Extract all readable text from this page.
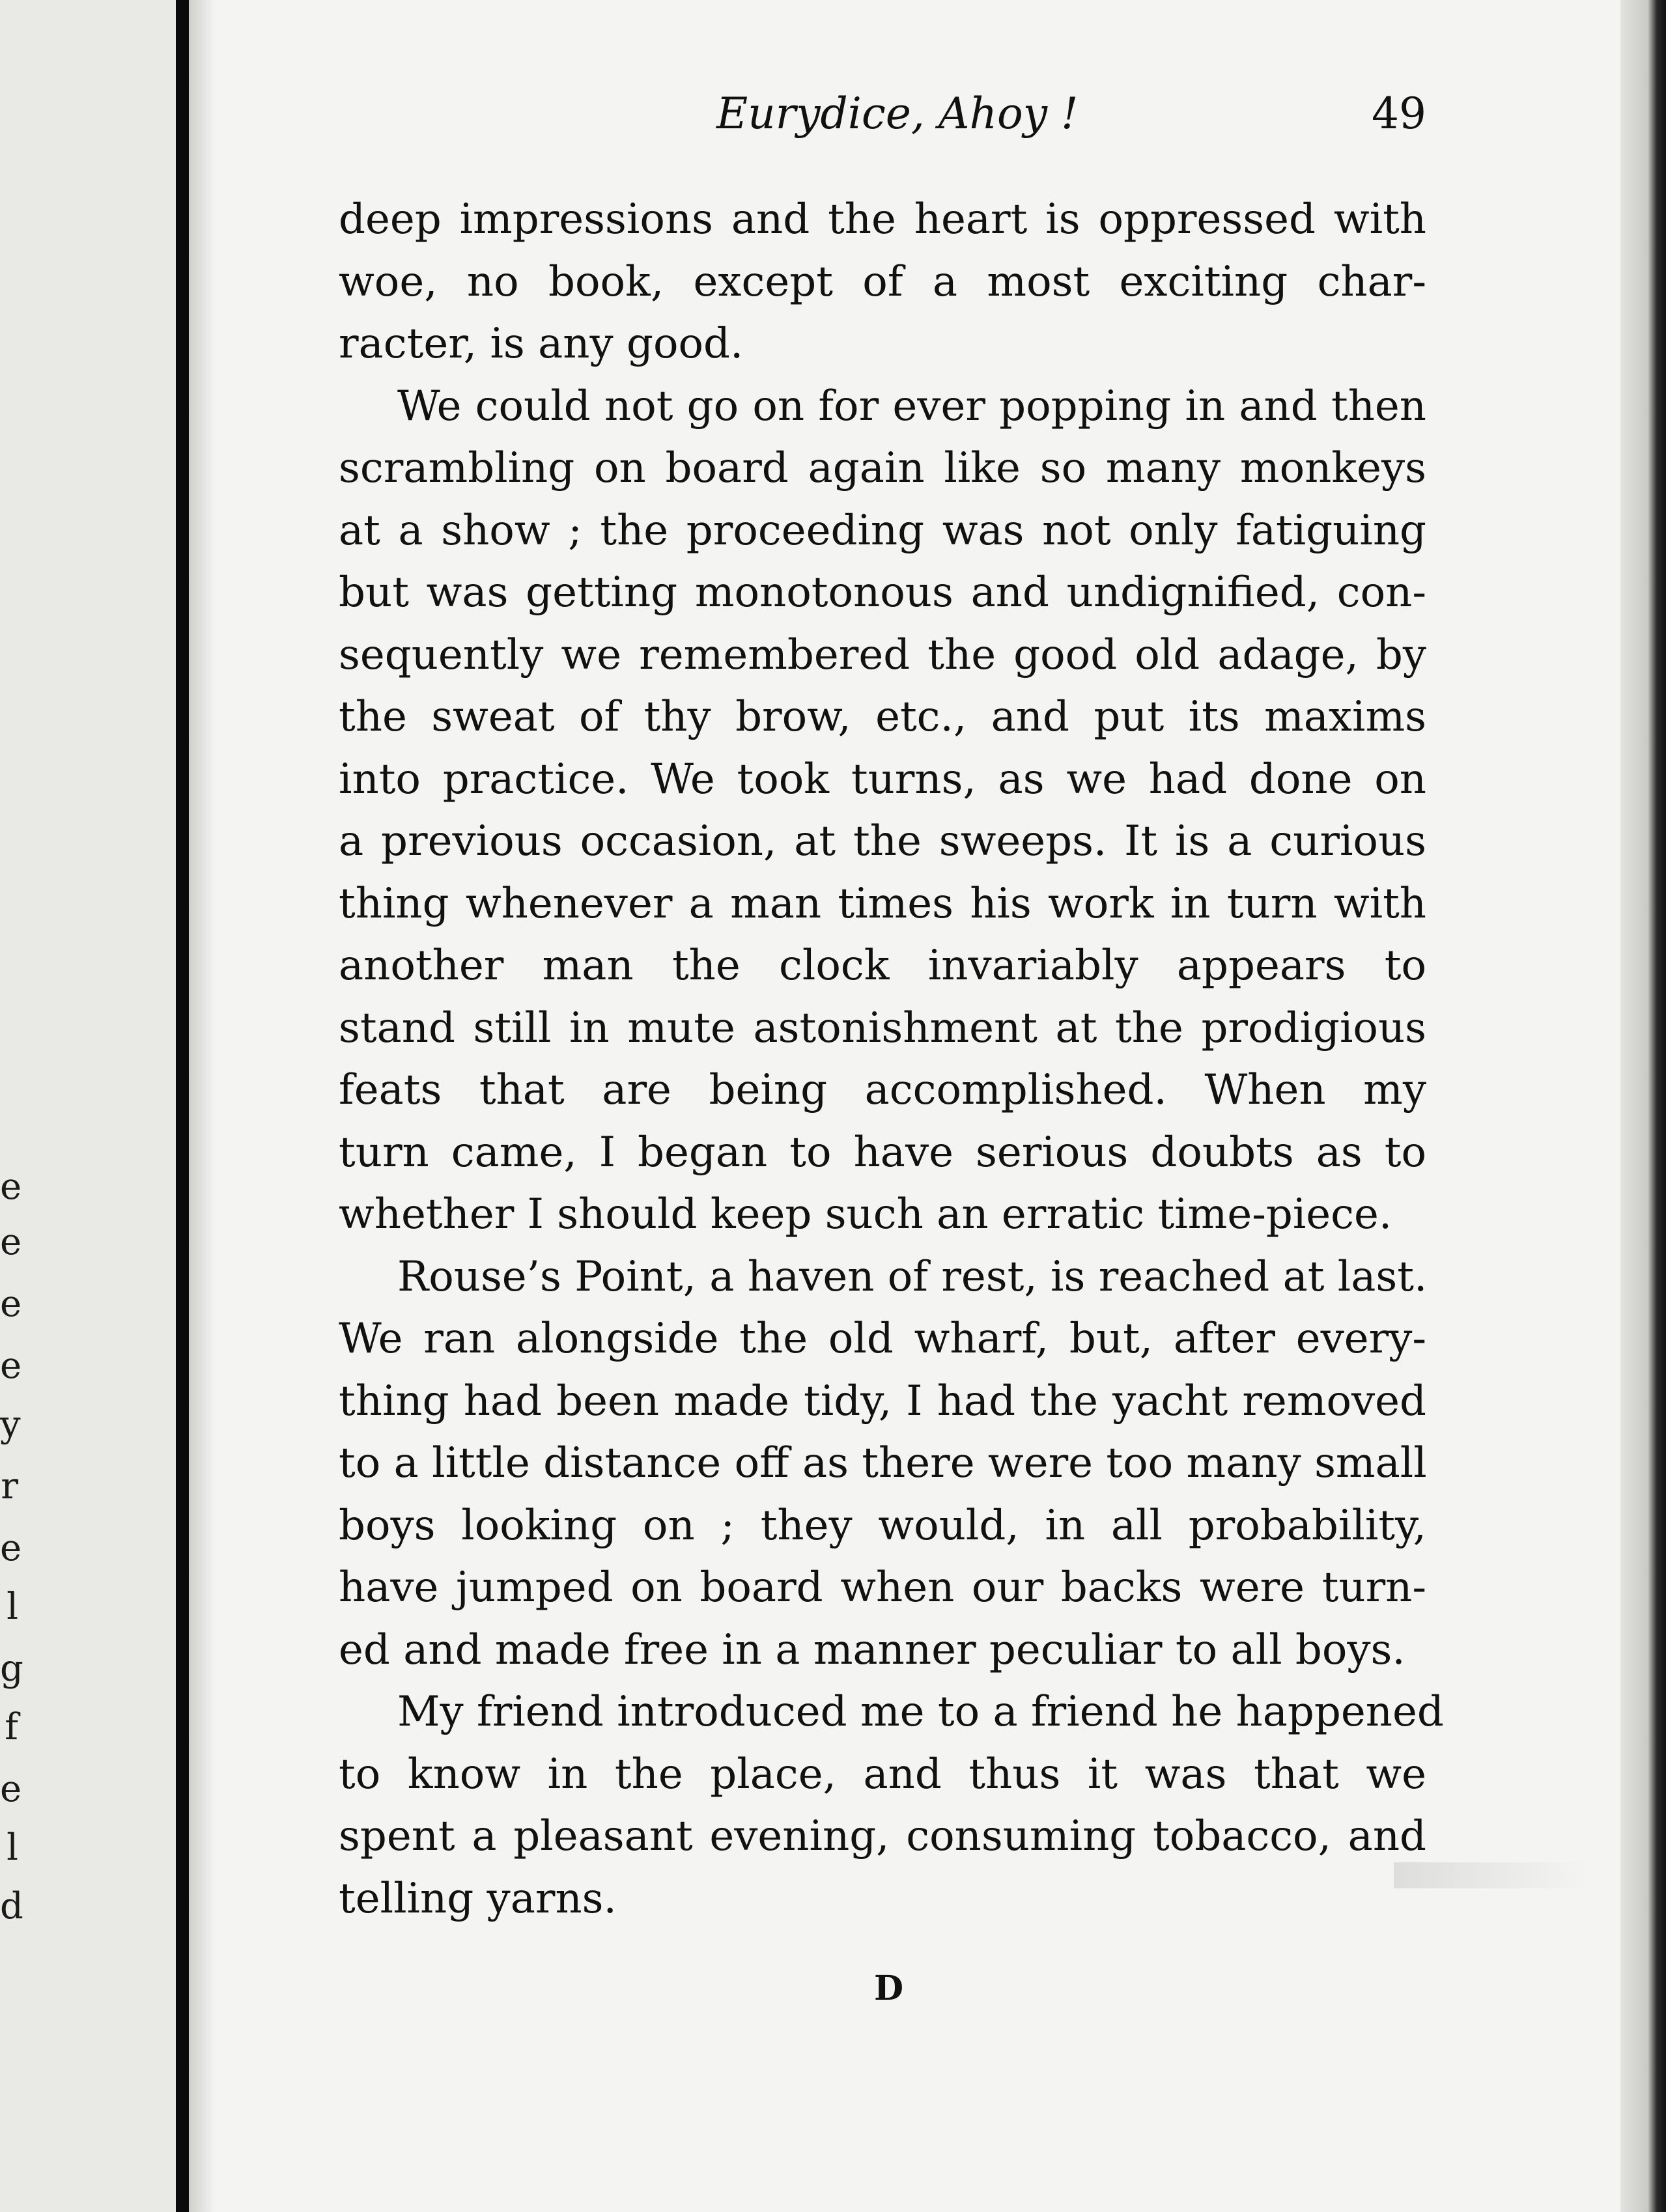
e
e
e
e
y
r
e
l
g
f
e
l
d
Eurydice, Ahoy !	49
deep impressions and the heart is oppressed with
woe, no book, except of a most exciting char-
racter, is any good.
We could not go on for ever popping in and then
scrambling on board again like so many monkeys
at a show ; the proceeding was not only fatiguing
but was getting monotonous and undignified, con-
sequently we remembered the good old adage, by
the sweat of thy brow, etc., and put its maxims
into practice. We took turns, as we had done on
a previous occasion, at the sweeps. It is a curious
thing whenever a man times his work in turn with
another man the clock invariably appears to
stand still in mute astonishment at the prodigious
feats that are being accomplished. When my
turn came, I began to have serious doubts as to
whether I should keep such an erratic time-piece.
Rouse’s Point, a haven of rest, is reached at last.
We ran alongside the old wharf, but, after every-
thing had been made tidy, I had the yacht removed
to a little distance off as there were too many small
boys looking on ; they would, in all probability,
have jumped on board when our backs were turn-
ed and made free in a manner peculiar to all boys.
My friend introduced me to a friend he happened
to know in the place, and thus it was that we
spent a pleasant evening, consuming tobacco, and
telling yarns.
D
